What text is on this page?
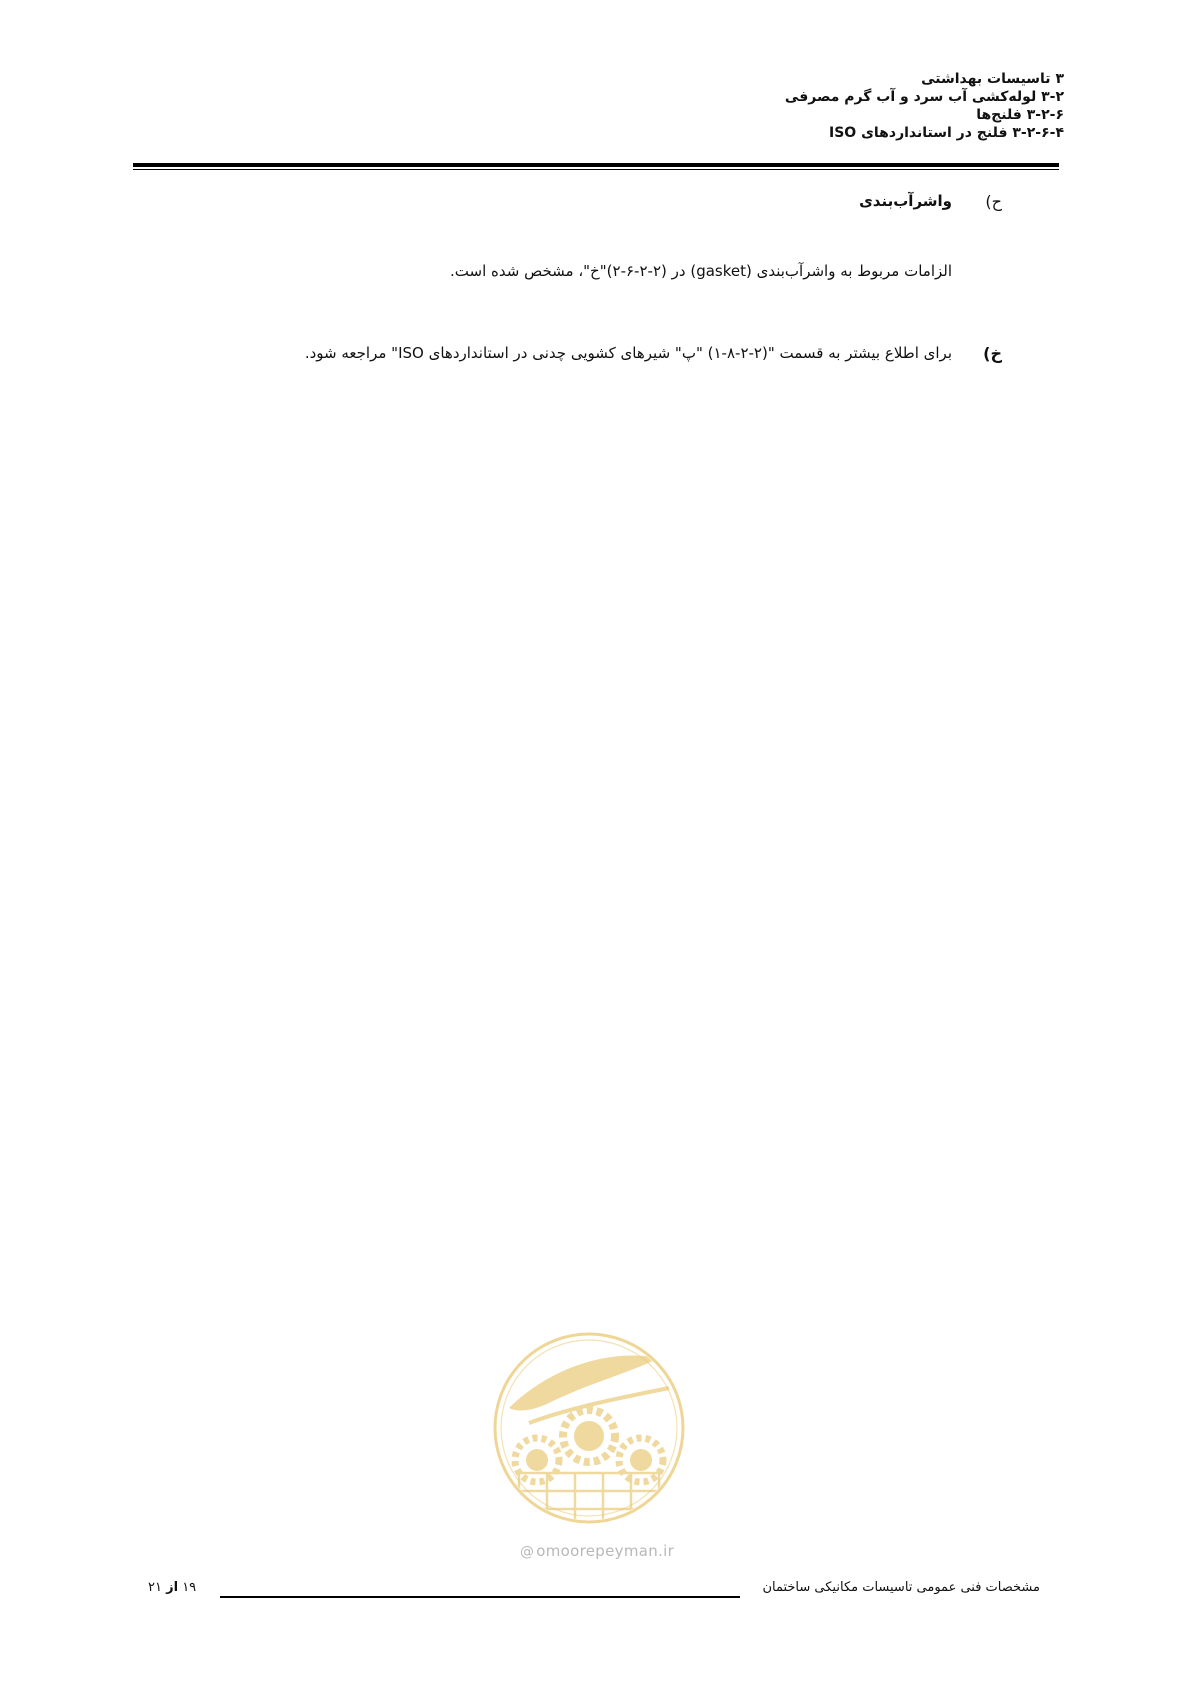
۳ تاسیسات بهداشتی
۳-۲ لوله‌کشی آب سرد و آب گرم مصرفی
۳-۲-۶ فلنج‌ها
۳-۲-۶-۴ فلنج در استانداردهای ISO
ح)
واشرآب‌بندی
الزامات مربوط به واشرآب‌بندی (gasket) در (۲-۲-۶-۲)"خ"، مشخص شده است.
خ)
برای اطلاع بیشتر به قسمت "(۲-۲-۸-۱) "پ" شیرهای کشویی چدنی در استانداردهای ISO" مراجعه شود.
@ omoorepeyman.ir
مشخصات فنی عمومی تاسیسات مکانیکی ساختمان
۱۹ از ۲۱
